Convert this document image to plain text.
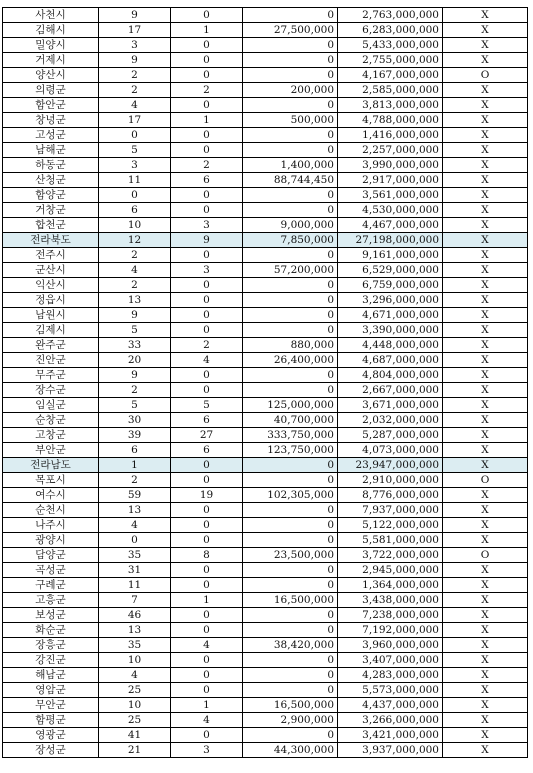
사천시	9	0	0	2,763,000,000	X
김해시	17	1	27,500,000	6,283,000,000	X
밀양시	3	0	0	5,433,000,000	X
거제시	9	0	0	2,755,000,000	X
양산시	2	0	0	4,167,000,000	O
의령군	2	2	200,000	2,585,000,000	X
함안군	4	0	0	3,813,000,000	X
창녕군	17	1	500,000	4,788,000,000	X
고성군	0	0	0	1,416,000,000	X
남해군	5	0	0	2,257,000,000	X
하동군	3	2	1,400,000	3,990,000,000	X
산청군	11	6	88,744,450	2,917,000,000	X
함양군	0	0	0	3,561,000,000	X
거창군	6	0	0	4,530,000,000	X
합천군	10	3	9,000,000	4,467,000,000	X
전라북도	12	9	7,850,000	27,198,000,000	X
전주시	2	0	0	9,161,000,000	X
군산시	4	3	57,200,000	6,529,000,000	X
익산시	2	0	0	6,759,000,000	X
정읍시	13	0	0	3,296,000,000	X
남원시	9	0	0	4,671,000,000	X
김제시	5	0	0	3,390,000,000	X
완주군	33	2	880,000	4,448,000,000	X
진안군	20	4	26,400,000	4,687,000,000	X
무주군	9	0	0	4,804,000,000	X
장수군	2	0	0	2,667,000,000	X
임실군	5	5	125,000,000	3,671,000,000	X
순창군	30	6	40,700,000	2,032,000,000	X
고창군	39	27	333,750,000	5,287,000,000	X
부안군	6	6	123,750,000	4,073,000,000	X
전라남도	1	0	0	23,947,000,000	X
목포시	2	0	0	2,910,000,000	O
여수시	59	19	102,305,000	8,776,000,000	X
순천시	13	0	0	7,937,000,000	X
나주시	4	0	0	5,122,000,000	X
광양시	0	0	0	5,581,000,000	X
담양군	35	8	23,500,000	3,722,000,000	O
곡성군	31	0	0	2,945,000,000	X
구례군	11	0	0	1,364,000,000	X
고흥군	7	1	16,500,000	3,438,000,000	X
보성군	46	0	0	7,238,000,000	X
화순군	13	0	0	7,192,000,000	X
장흥군	35	4	38,420,000	3,960,000,000	X
강진군	10	0	0	3,407,000,000	X
해남군	4	0	0	4,283,000,000	X
영암군	25	0	0	5,573,000,000	X
무안군	10	1	16,500,000	4,437,000,000	X
함평군	25	4	2,900,000	3,266,000,000	X
영광군	41	0	0	3,421,000,000	X
장성군	21	3	44,300,000	3,937,000,000	X
